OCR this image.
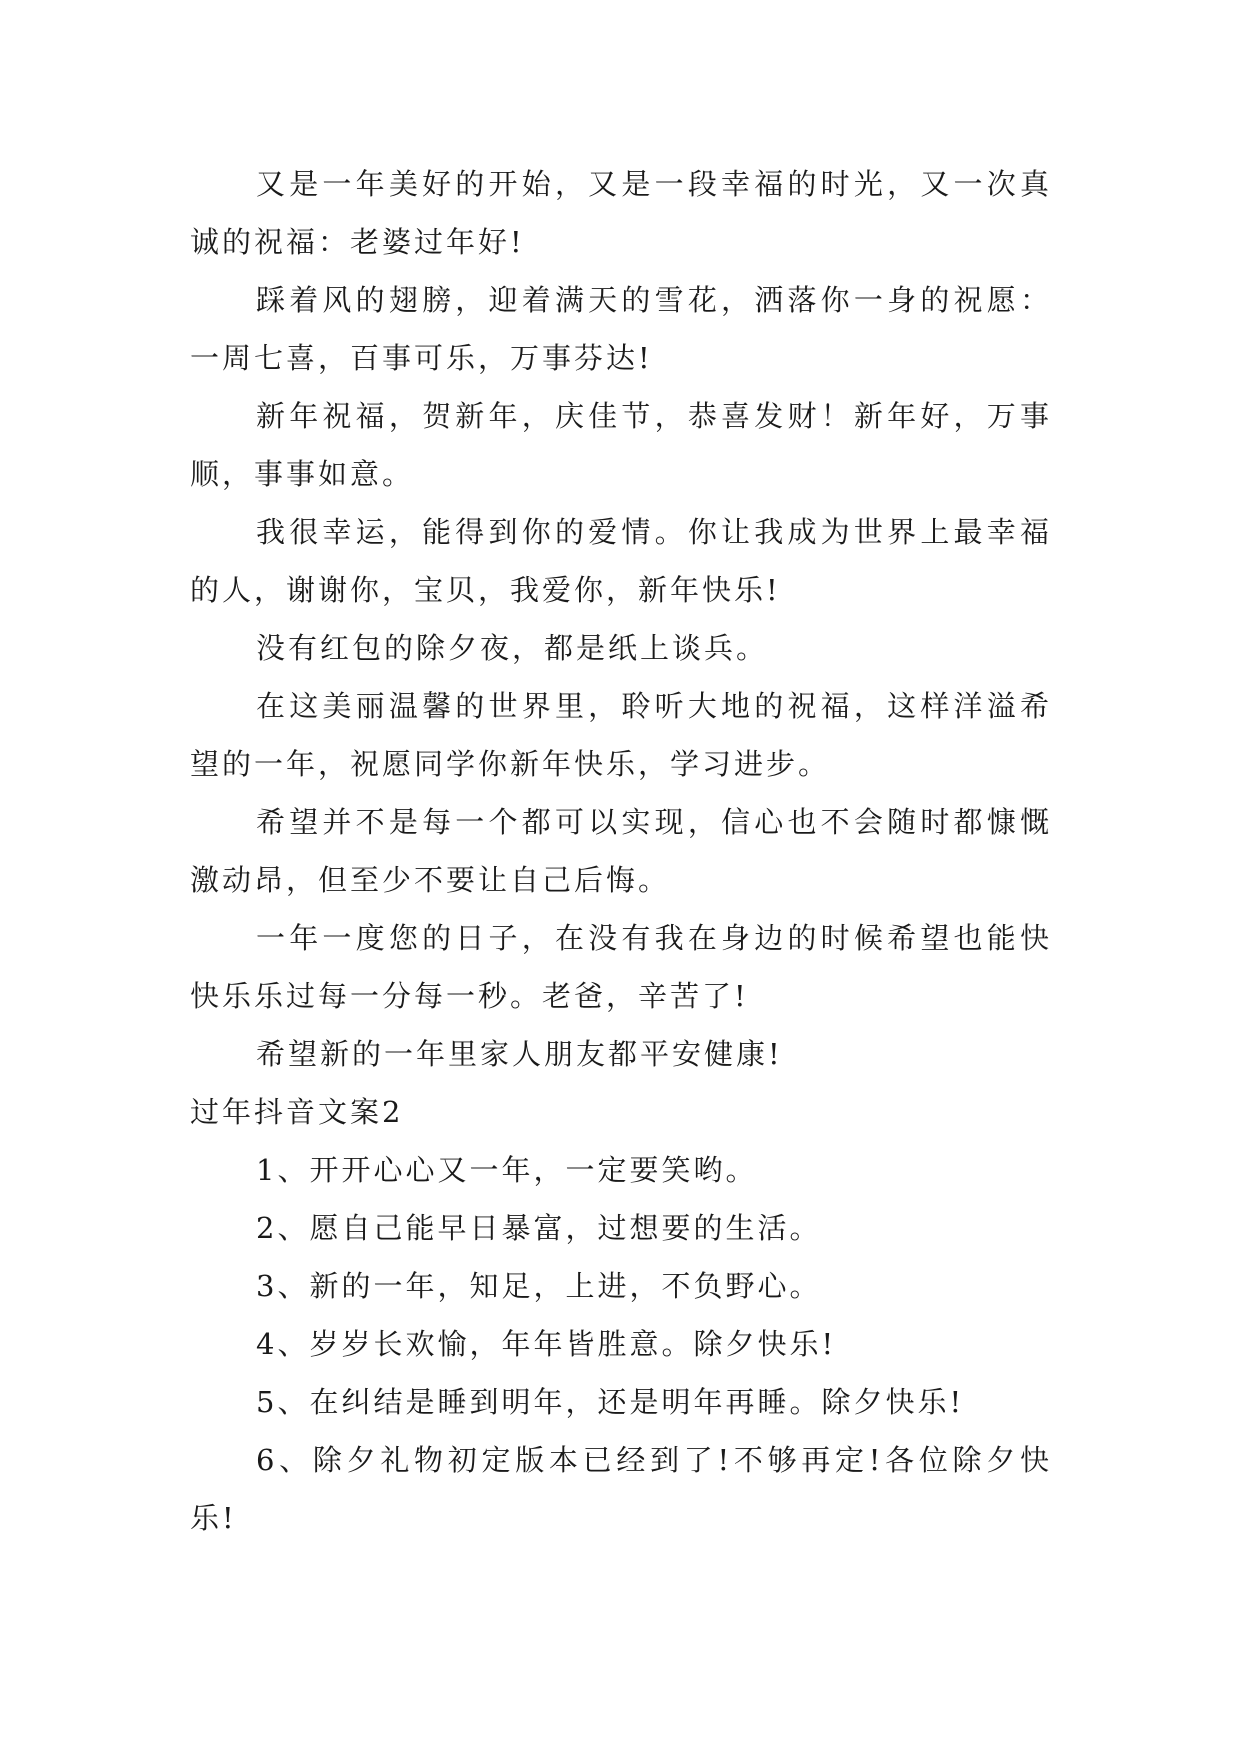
又是一年美好的开始，又是一段幸福的时光，又一次真诚的祝福：老婆过年好!

踩着风的翅膀，迎着满天的雪花，洒落你一身的祝愿：一周七喜，百事可乐，万事芬达!

新年祝福，贺新年，庆佳节，恭喜发财！新年好，万事顺，事事如意。

我很幸运，能得到你的爱情。你让我成为世界上最幸福的人，谢谢你，宝贝，我爱你，新年快乐!

没有红包的除夕夜，都是纸上谈兵。

在这美丽温馨的世界里，聆听大地的祝福，这样洋溢希望的一年，祝愿同学你新年快乐，学习进步。

希望并不是每一个都可以实现，信心也不会随时都慷慨激动昂，但至少不要让自己后悔。

一年一度您的日子，在没有我在身边的时候希望也能快快乐乐过每一分每一秒。老爸，辛苦了!

希望新的一年里家人朋友都平安健康!

过年抖音文案2

1、开开心心又一年，一定要笑哟。

2、愿自己能早日暴富，过想要的生活。

3、新的一年，知足，上进，不负野心。

4、岁岁长欢愉，年年皆胜意。除夕快乐!

5、在纠结是睡到明年，还是明年再睡。除夕快乐!

6、除夕礼物初定版本已经到了!不够再定!各位除夕快乐!
